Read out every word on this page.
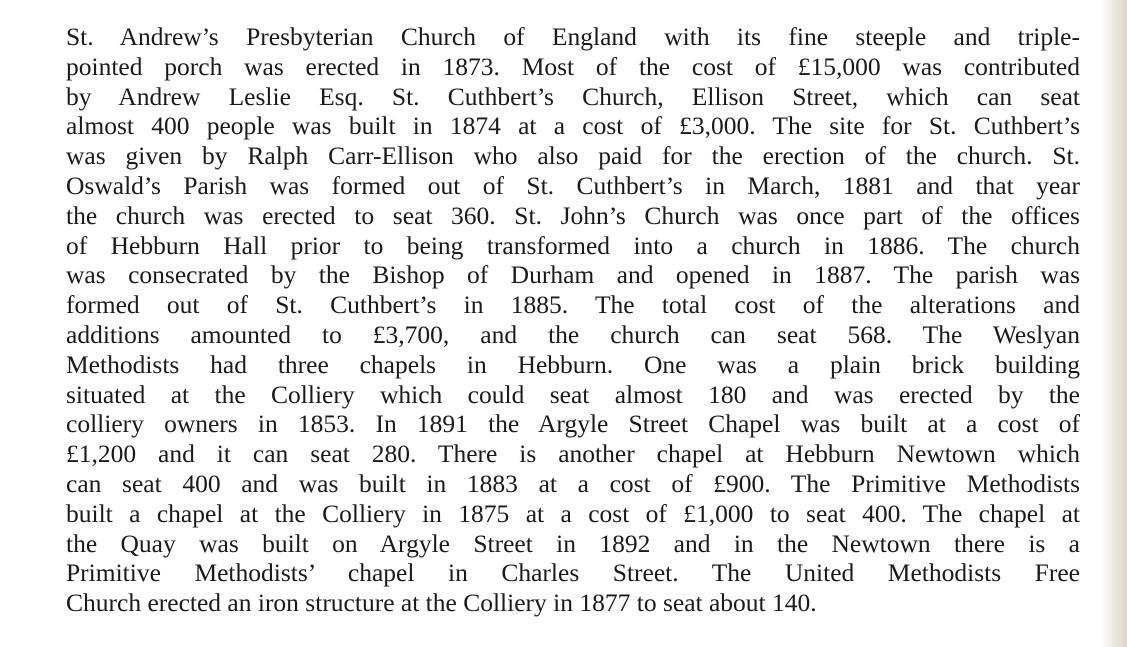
St. Andrew’s Presbyterian Church of England with its fine steeple and triple-
pointed porch was erected in 1873. Most of the cost of £15,000 was contributed
by Andrew Leslie Esq. St. Cuthbert’s Church, Ellison Street, which can seat
almost 400 people was built in 1874 at a cost of £3,000. The site for St. Cuthbert’s
was given by Ralph Carr-Ellison who also paid for the erection of the church. St.
Oswald’s Parish was formed out of St. Cuthbert’s in March, 1881 and that year
the church was erected to seat 360. St. John’s Church was once part of the offices
of Hebburn Hall prior to being transformed into a church in 1886. The church
was consecrated by the Bishop of Durham and opened in 1887. The parish was
formed out of St. Cuthbert’s in 1885. The total cost of the alterations and
additions amounted to £3,700, and the church can seat 568. The Weslyan
Methodists had three chapels in Hebburn. One was a plain brick building
situated at the Colliery which could seat almost 180 and was erected by the
colliery owners in 1853. In 1891 the Argyle Street Chapel was built at a cost of
£1,200 and it can seat 280. There is another chapel at Hebburn Newtown which
can seat 400 and was built in 1883 at a cost of £900. The Primitive Methodists
built a chapel at the Colliery in 1875 at a cost of £1,000 to seat 400. The chapel at
the Quay was built on Argyle Street in 1892 and in the Newtown there is a
Primitive Methodists’ chapel in Charles Street. The United Methodists Free
Church erected an iron structure at the Colliery in 1877 to seat about 140.
